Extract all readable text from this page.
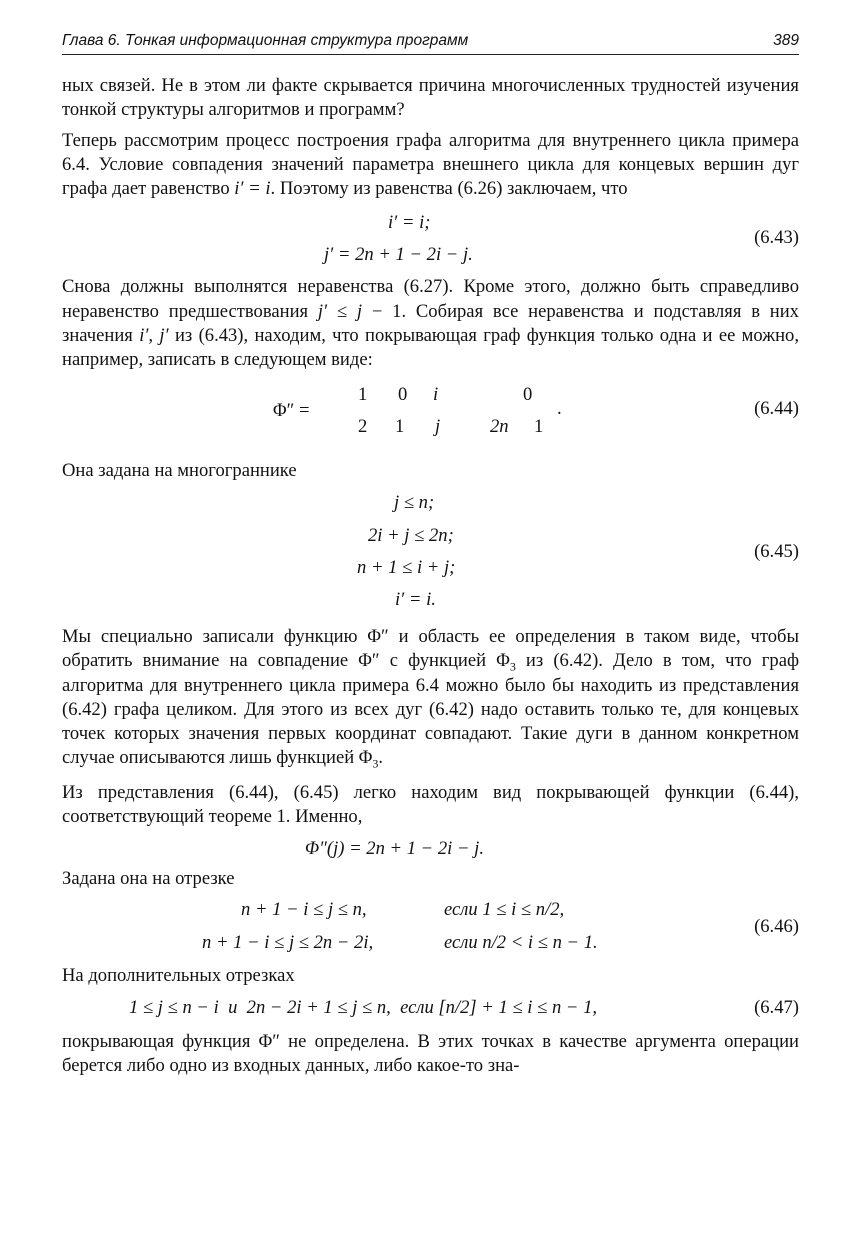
Глава 6. Тонкая информационная структура программ	389

ных связей. Не в этом ли факте скрывается причина многочисленных трудностей изучения тонкой структуры алгоритмов и программ?

Теперь рассмотрим процесс построения графа алгоритма для внутреннего цикла примера 6.4. Условие совпадения значений параметра внешнего цикла для концевых вершин дуг графа дает равенство i′ = i. Поэтому из равенства (6.26) заключаем, что

i′ = i;
j′ = 2n + 1 − 2i − j.
(6.43)

Снова должны выполнятся неравенства (6.27). Кроме этого, должно быть справедливо неравенство предшествования j′ ≤ j − 1. Собирая все неравенства и подставляя в них значения i′, j′ из (6.43), находим, что покрывающая граф функция только одна и ее можно, например, записать в следующем виде:

Φ″ =
1 0 i	0
2 1 j	2n 1
.	(6.44)

Она задана на многограннике

j ≤ n;
2i + j ≤ 2n;
n + 1 ≤ i + j;
i′ = i.
(6.45)

Мы специально записали функцию Φ″ и область ее определения в таком виде, чтобы обратить внимание на совпадение Φ″ с функцией $\Phi_3$ из (6.42). Дело в том, что граф алгоритма для внутреннего цикла примера 6.4 можно было бы находить из представления (6.42) графа целиком. Для этого из всех дуг (6.42) надо оставить только те, для концевых точек которых значения первых координат совпадают. Такие дуги в данном конкретном случае описываются лишь функцией $\Phi_3$.

Из представления (6.44), (6.45) легко находим вид покрывающей функции (6.44), соответствующий теореме 1. Именно,

Φ″(j) = 2n + 1 − 2i − j.

Задана она на отрезке

n + 1 − i ≤ j ≤ n,	если 1 ≤ i ≤ n/2,
n + 1 − i ≤ j ≤ 2n − 2i,	если n/2 < i ≤ n − 1.
(6.46)

На дополнительных отрезках

1 ≤ j ≤ n − i  и  2n − 2i + 1 ≤ j ≤ n,  если [n/2] + 1 ≤ i ≤ n − 1,	(6.47)

покрывающая функция Φ″ не определена. В этих точках в качестве аргумента операции берется либо одно из входных данных, либо какое-то зна-
